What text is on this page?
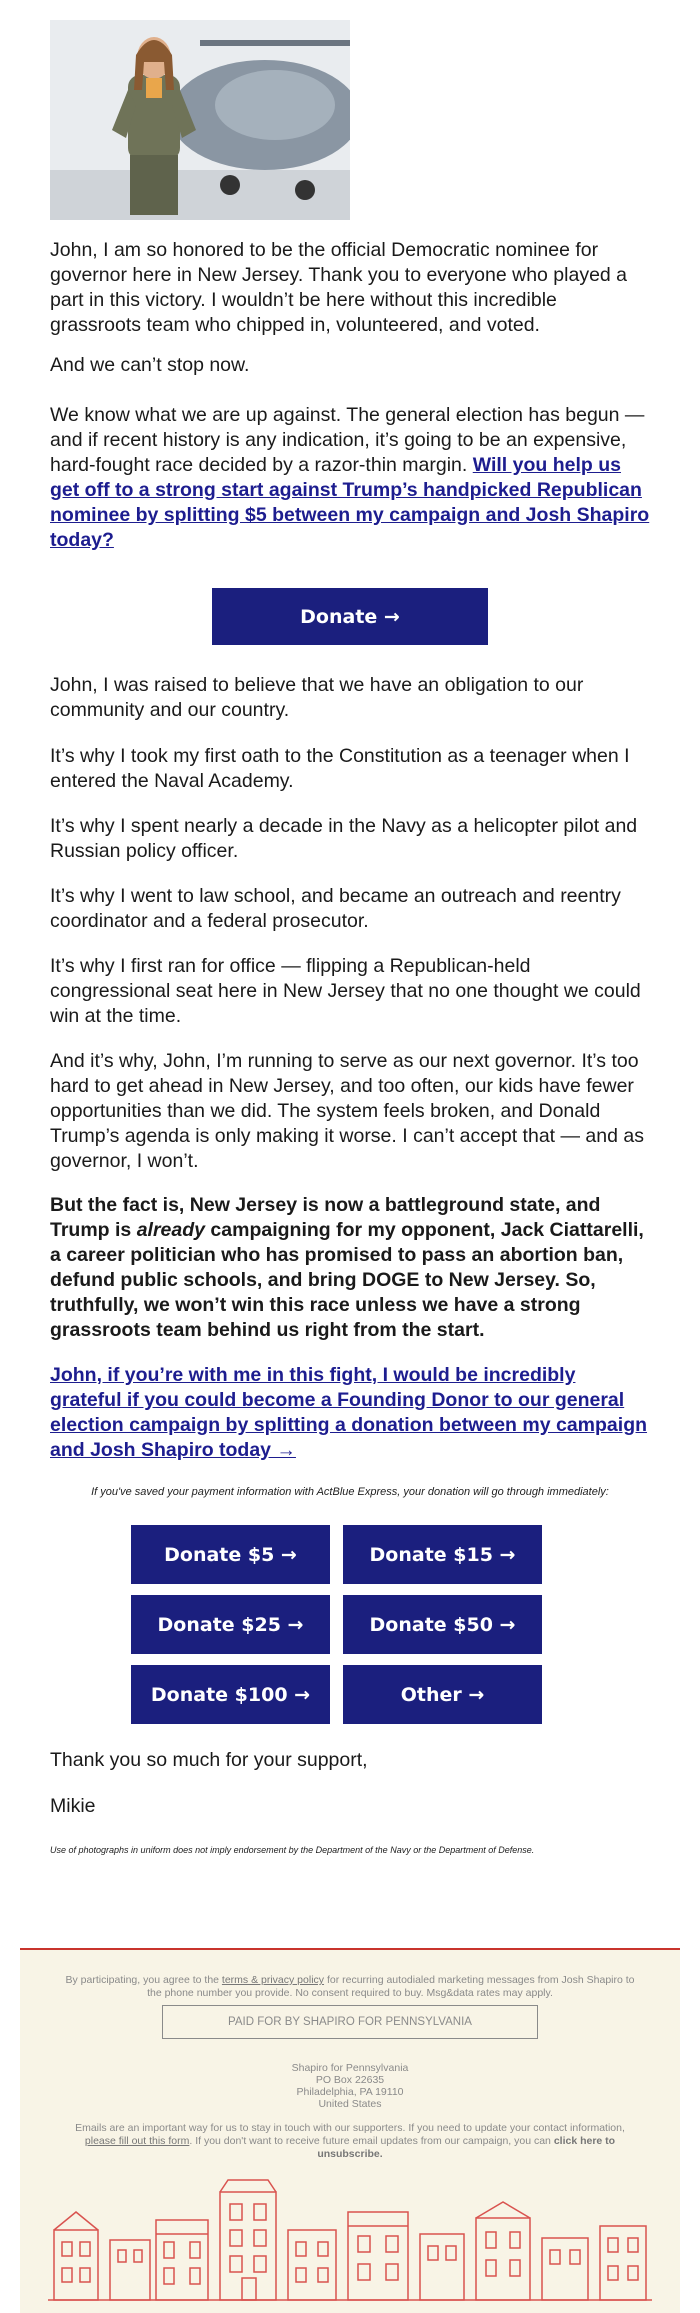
John, I am so honored to be the official Democratic nominee for governor here in New Jersey. Thank you to everyone who played a part in this victory. I wouldn’t be here without this incredible grassroots team who chipped in, volunteered, and voted.

And we can’t stop now.

We know what we are up against. The general election has begun — and if recent history is any indication, it’s going to be an expensive, hard-fought race decided by a razor-thin margin. Will you help us get off to a strong start against Trump’s handpicked Republican nominee by splitting $5 between my campaign and Josh Shapiro today?

Donate →

John, I was raised to believe that we have an obligation to our community and our country.

It’s why I took my first oath to the Constitution as a teenager when I entered the Naval Academy.

It’s why I spent nearly a decade in the Navy as a helicopter pilot and Russian policy officer.

It’s why I went to law school, and became an outreach and reentry coordinator and a federal prosecutor.

It’s why I first ran for office — flipping a Republican-held congressional seat here in New Jersey that no one thought we could win at the time.

And it’s why, John, I’m running to serve as our next governor. It’s too hard to get ahead in New Jersey, and too often, our kids have fewer opportunities than we did. The system feels broken, and Donald Trump’s agenda is only making it worse. I can’t accept that — and as governor, I won’t.

But the fact is, New Jersey is now a battleground state, and Trump is already campaigning for my opponent, Jack Ciattarelli, a career politician who has promised to pass an abortion ban, defund public schools, and bring DOGE to New Jersey. So, truthfully, we won’t win this race unless we have a strong grassroots team behind us right from the start.

John, if you’re with me in this fight, I would be incredibly grateful if you could become a Founding Donor to our general election campaign by splitting a donation between my campaign and Josh Shapiro today →

If you've saved your payment information with ActBlue Express, your donation will go through immediately:
Donate $5 →	Donate $15 →
Donate $25 →	Donate $50 →
Donate $100 →	Other →

Thank you so much for your support,

Mikie

Use of photographs in uniform does not imply endorsement by the Department of the Navy or the Department of Defense.

By participating, you agree to the terms & privacy policy for recurring autodialed marketing messages from Josh Shapiro to the phone number you provide. No consent required to buy. Msg&data rates may apply.

PAID FOR BY SHAPIRO FOR PENNSYLVANIA

Shapiro for Pennsylvania
PO Box 22635
Philadelphia, PA 19110
United States

Emails are an important way for us to stay in touch with our supporters. If you need to update your contact information, please fill out this form. If you don't want to receive future email updates from our campaign, you can click here to unsubscribe.
